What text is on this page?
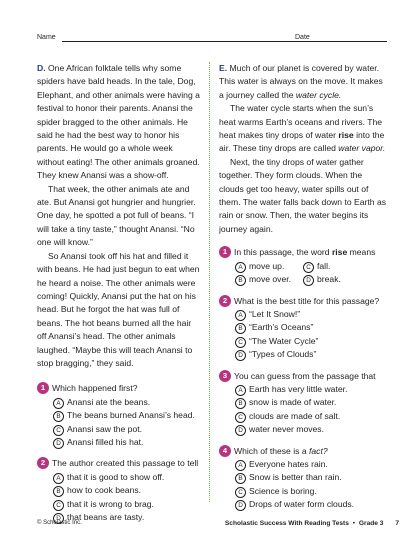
Name	Date

D. One African folktale tells why some spiders have bald heads. In the tale, Dog, Elephant, and other animals were having a festival to honor their parents. Anansi the spider bragged to the other animals. He said he had the best way to honor his parents. He would go a whole week without eating! The other animals groaned. They knew Anansi was a show-off.

That week, the other animals ate and ate. But Anansi got hungrier and hungrier. One day, he spotted a pot full of beans. “I will take a tiny taste,” thought Anansi. “No one will know.”

So Anansi took off his hat and filled it with beans. He had just begun to eat when he heard a noise. The other animals were coming! Quickly, Anansi put the hat on his head. But he forgot the hat was full of beans. The hot beans burned all the hair off Anansi’s head. The other animals laughed. “Maybe this will teach Anansi to stop bragging,” they said.

1 Which happened first?
A Anansi ate the beans.
B The beans burned Anansi’s head.
C Anansi saw the pot.
D Anansi filled his hat.
2 The author created this passage to tell
A that it is good to show off.
B how to cook beans.
C that it is wrong to brag.
D that beans are tasty.

E. Much of our planet is covered by water. This water is always on the move. It makes a journey called the water cycle.

The water cycle starts when the sun’s heat warms Earth’s oceans and rivers. The heat makes tiny drops of water rise into the air. These tiny drops are called water vapor.

Next, the tiny drops of water gather together. They form clouds. When the clouds get too heavy, water spills out of them. The water falls back down to Earth as rain or snow. Then, the water begins its journey again.

1 In this passage, the word rise means
A move up.	C fall.
B move over.	D break.
2 What is the best title for this passage?
A “Let It Snow!”
B “Earth’s Oceans”
C “The Water Cycle”
D “Types of Clouds”
3 You can guess from the passage that
A Earth has very little water.
B snow is made of water.
C clouds are made of salt.
D water never moves.
4 Which of these is a fact?
A Everyone hates rain.
B Snow is better than rain.
C Science is boring.
D Drops of water form clouds.
© Scholastic Inc.	Scholastic Success With Reading Tests • Grade 3 7
